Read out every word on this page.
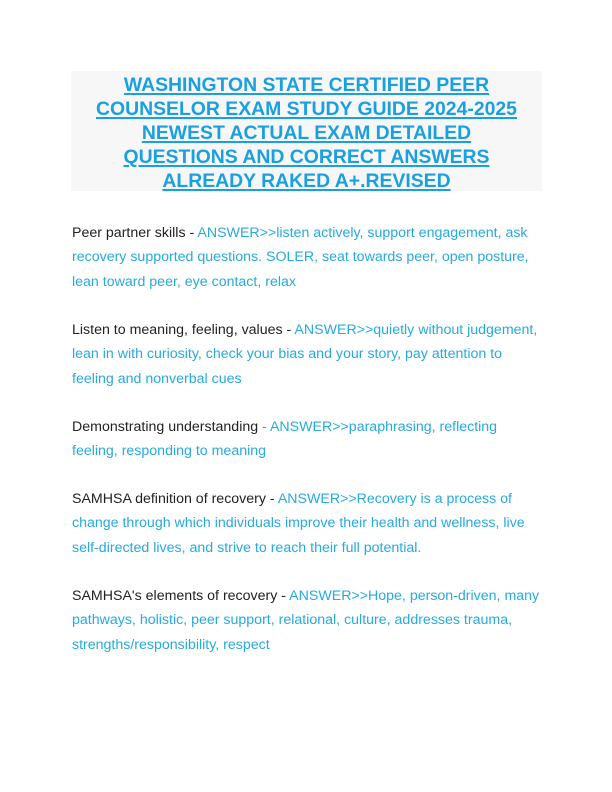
WASHINGTON STATE CERTIFIED PEER
COUNSELOR EXAM STUDY GUIDE 2024-2025
NEWEST ACTUAL EXAM DETAILED
QUESTIONS AND CORRECT ANSWERS
ALREADY RAKED A+.REVISED
Peer partner skills - ANSWER>>listen actively, support engagement, ask
recovery supported questions. SOLER, seat towards peer, open posture,
lean toward peer, eye contact, relax
Listen to meaning, feeling, values - ANSWER>>quietly without judgement,
lean in with curiosity, check your bias and your story, pay attention to
feeling and nonverbal cues
Demonstrating understanding - ANSWER>>paraphrasing, reflecting
feeling, responding to meaning
SAMHSA definition of recovery - ANSWER>>Recovery is a process of
change through which individuals improve their health and wellness, live
self-directed lives, and strive to reach their full potential.
SAMHSA's elements of recovery - ANSWER>>Hope, person-driven, many
pathways, holistic, peer support, relational, culture, addresses trauma,
strengths/responsibility, respect
